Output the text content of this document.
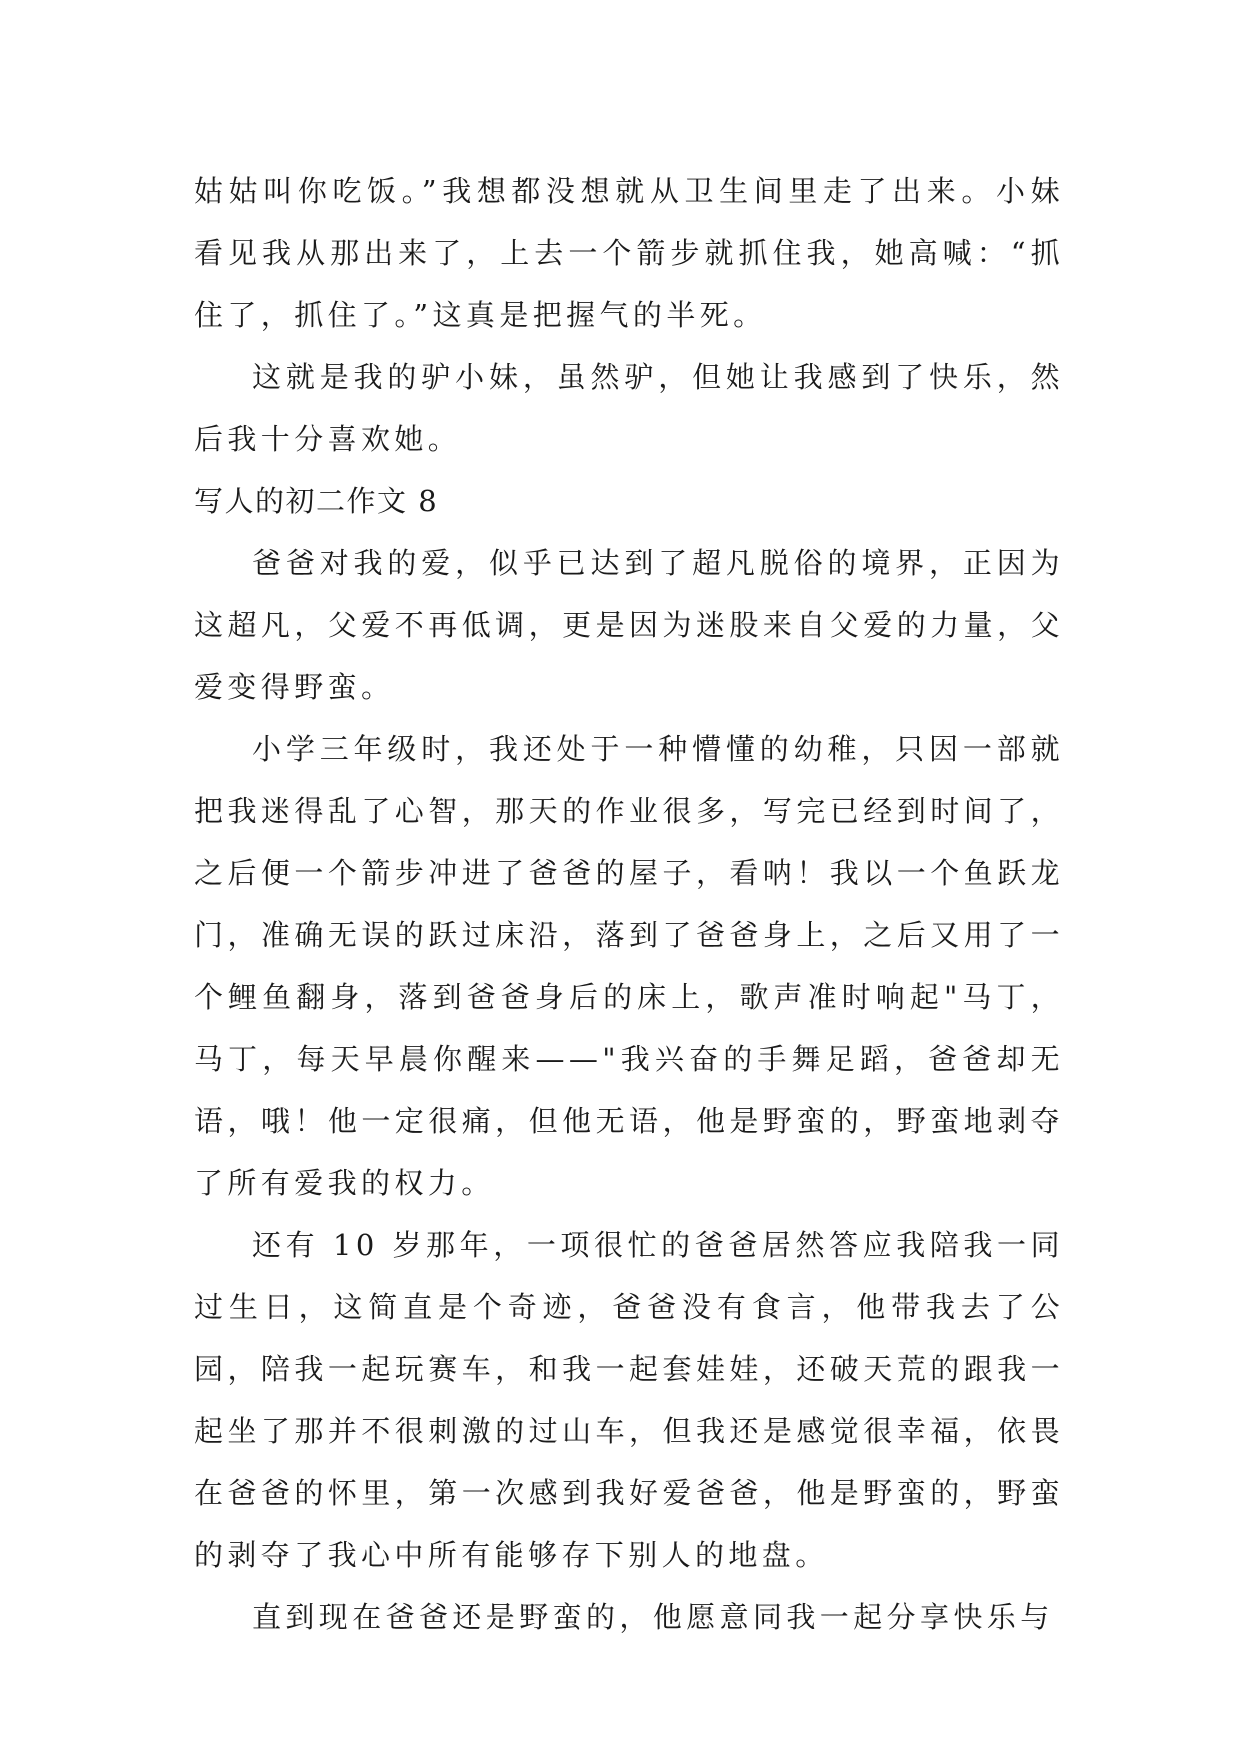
姑姑叫你吃饭。”我想都没想就从卫生间里走了出来。小妹看见我从那出来了，上去一个箭步就抓住我，她高喊：“抓住了，抓住了。”这真是把握气的半死。

这就是我的驴小妹，虽然驴，但她让我感到了快乐，然后我十分喜欢她。

写人的初二作文 8

爸爸对我的爱，似乎已达到了超凡脱俗的境界，正因为这超凡，父爱不再低调，更是因为迷股来自父爱的力量，父爱变得野蛮。

小学三年级时，我还处于一种懵懂的幼稚，只因一部就把我迷得乱了心智，那天的作业很多，写完已经到时间了，之后便一个箭步冲进了爸爸的屋子，看呐！我以一个鱼跃龙门，准确无误的跃过床沿，落到了爸爸身上，之后又用了一个鲤鱼翻身，落到爸爸身后的床上，歌声准时响起"马丁，马丁，每天早晨你醒来——"我兴奋的手舞足蹈，爸爸却无语，哦！他一定很痛，但他无语，他是野蛮的，野蛮地剥夺了所有爱我的权力。

还有 10 岁那年，一项很忙的爸爸居然答应我陪我一同过生日，这简直是个奇迹，爸爸没有食言，他带我去了公园，陪我一起玩赛车，和我一起套娃娃，还破天荒的跟我一起坐了那并不很刺激的过山车，但我还是感觉很幸福，依畏在爸爸的怀里，第一次感到我好爱爸爸，他是野蛮的，野蛮的剥夺了我心中所有能够存下别人的地盘。

直到现在爸爸还是野蛮的，他愿意同我一起分享快乐与
